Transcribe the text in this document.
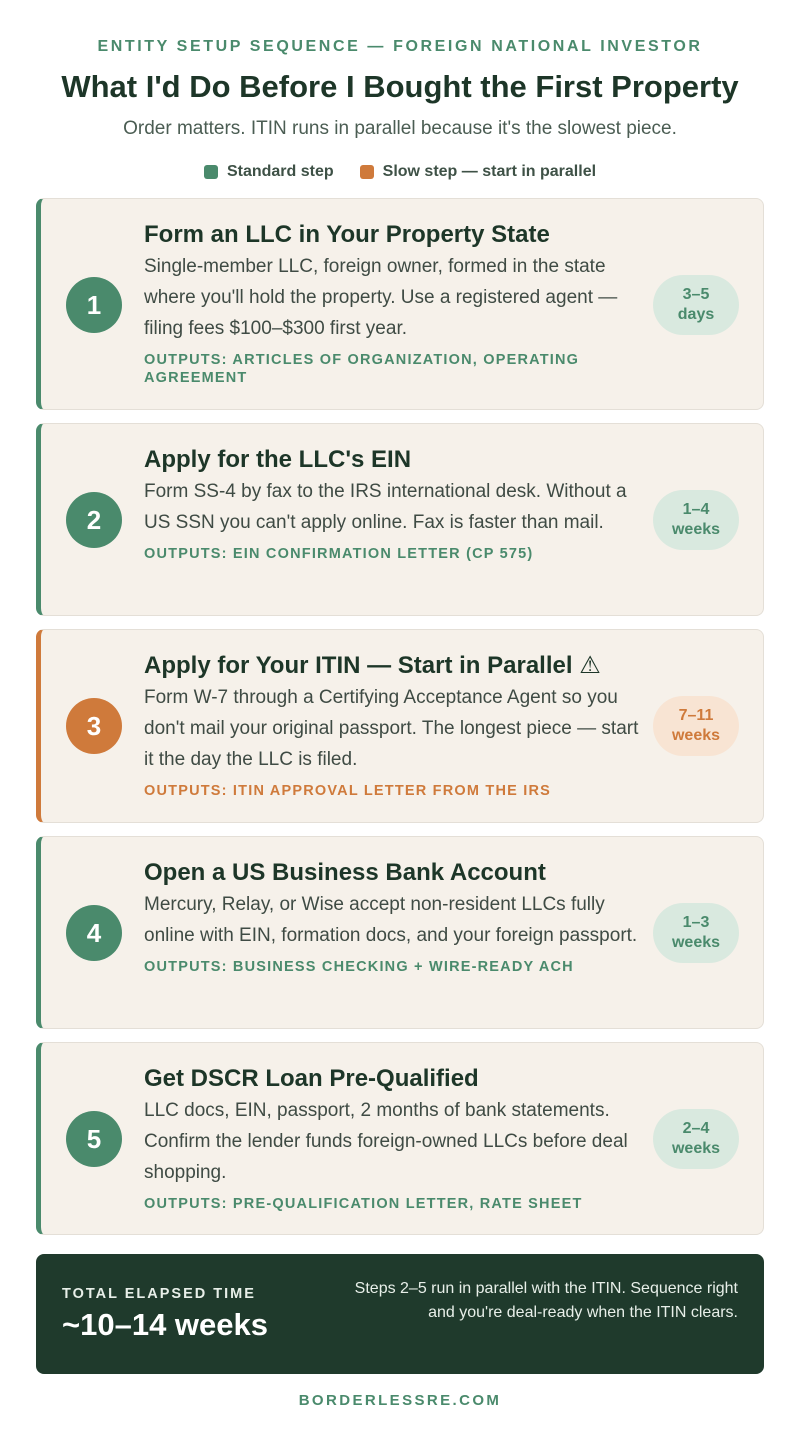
ENTITY SETUP SEQUENCE — FOREIGN NATIONAL INVESTOR
What I'd Do Before I Bought the First Property
Order matters. ITIN runs in parallel because it's the slowest piece.
Standard step	Slow step — start in parallel
1
Form an LLC in Your Property State
Single-member LLC, foreign owner, formed in the state where you'll hold the property. Use a registered agent — filing fees $100–$300 first year.
OUTPUTS: ARTICLES OF ORGANIZATION, OPERATING AGREEMENT
3–5
days
2
Apply for the LLC's EIN
Form SS-4 by fax to the IRS international desk. Without a US SSN you can't apply online. Fax is faster than mail.
OUTPUTS: EIN CONFIRMATION LETTER (CP 575)
1–4
weeks
3
Apply for Your ITIN — Start in Parallel ⚠
Form W-7 through a Certifying Acceptance Agent so you don't mail your original passport. The longest piece — start it the day the LLC is filed.
OUTPUTS: ITIN APPROVAL LETTER FROM THE IRS
7–11
weeks
4
Open a US Business Bank Account
Mercury, Relay, or Wise accept non-resident LLCs fully online with EIN, formation docs, and your foreign passport.
OUTPUTS: BUSINESS CHECKING + WIRE-READY ACH
1–3
weeks
5
Get DSCR Loan Pre-Qualified
LLC docs, EIN, passport, 2 months of bank statements. Confirm the lender funds foreign-owned LLCs before deal shopping.
OUTPUTS: PRE-QUALIFICATION LETTER, RATE SHEET
2–4
weeks
TOTAL ELAPSED TIME
~10–14 weeks
Steps 2–5 run in parallel with the ITIN. Sequence right and you're deal-ready when the ITIN clears.
BORDERLESSRE.COM
